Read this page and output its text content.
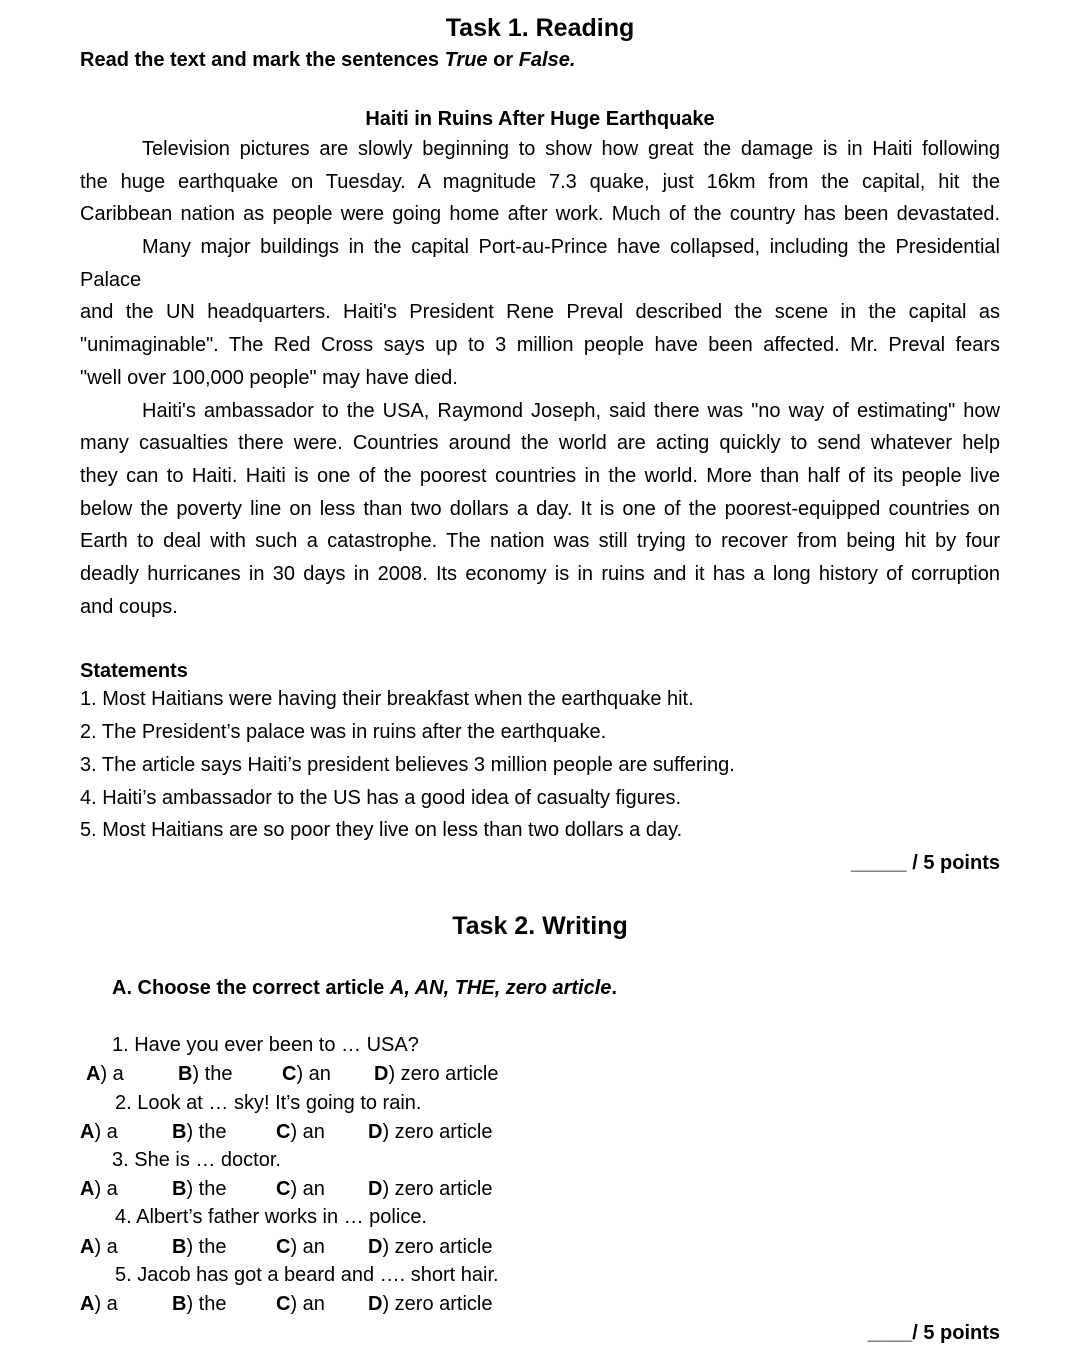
Task 1. Reading
Read the text and mark the sentences True or False.
Haiti in Ruins After Huge Earthquake
Television pictures are slowly beginning to show how great the damage is in Haiti following
the huge earthquake on Tuesday. A magnitude 7.3 quake, just 16km from the capital, hit the
Caribbean nation as people were going home after work. Much of the country has been devastated.
Many major buildings in the capital Port-au-Prince have collapsed, including the Presidential
Palace
and the UN headquarters. Haiti's President Rene Preval described the scene in the capital as
"unimaginable". The Red Cross says up to 3 million people have been affected. Mr. Preval fears
"well over 100,000 people" may have died.
Haiti's ambassador to the USA, Raymond Joseph, said there was "no way of estimating" how
many casualties there were. Countries around the world are acting quickly to send whatever help
they can to Haiti. Haiti is one of the poorest countries in the world. More than half of its people live
below the poverty line on less than two dollars a day. It is one of the poorest-equipped countries on
Earth to deal with such a catastrophe. The nation was still trying to recover from being hit by four
deadly hurricanes in 30 days in 2008. Its economy is in ruins and it has a long history of corruption
and coups.
Statements
1. Most Haitians were having their breakfast when the earthquake hit.
2. The President’s palace was in ruins after the earthquake.
3. The article says Haiti’s president believes 3 million people are suffering.
4. Haiti’s ambassador to the US has a good idea of casualty figures.
5. Most Haitians are so poor they live on less than two dollars a day.
_____ / 5 points
Task 2. Writing
A. Choose the correct article A, AN, THE, zero article.
1. Have you ever been to … USA?
A) a	B) the C) an D) zero article
2. Look at … sky! It’s going to rain.
A) a	B) the C) an D) zero article
3. She is … doctor.
A) a	B) the C) an D) zero article
4. Albert’s father works in … police.
A) a	B) the C) an D) zero article
5. Jacob has got a beard and …. short hair.
A) a	B) the C) an D) zero article
____/ 5 points
